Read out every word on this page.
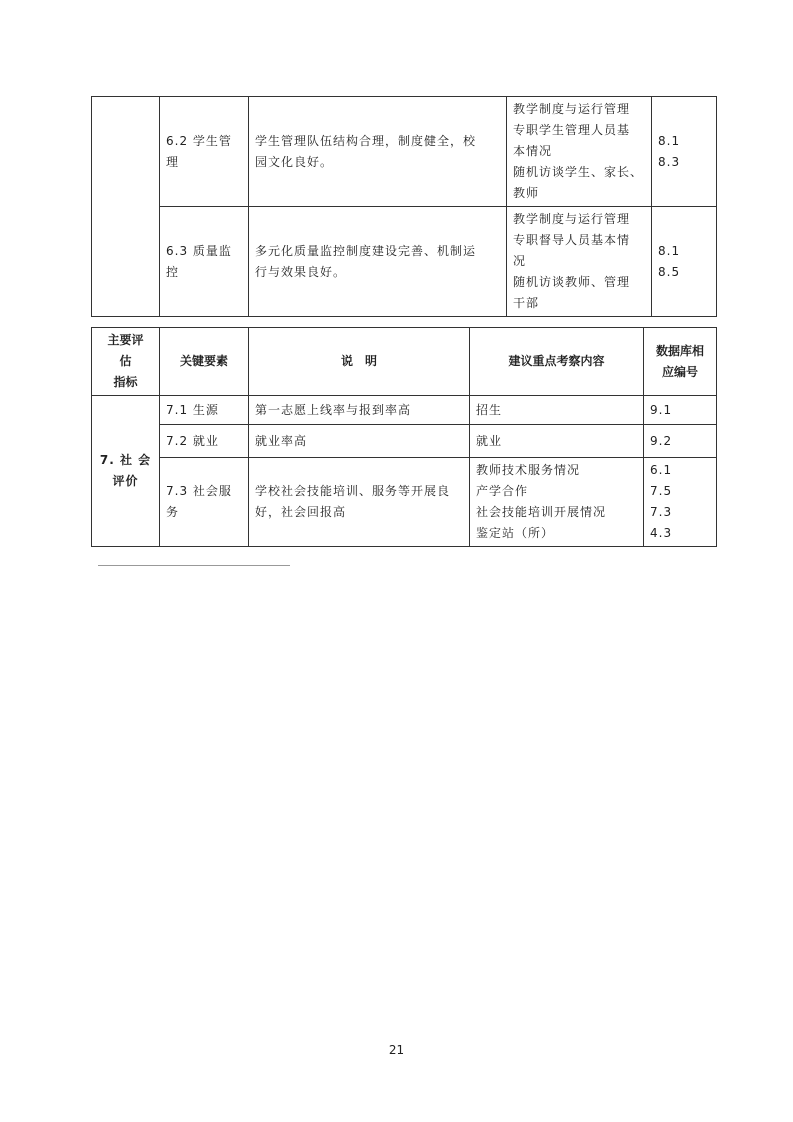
	6.2 学生管
理	学生管理队伍结构合理，制度健全，校
园文化良好。	教学制度与运行管理
专职学生管理人员基
本情况
随机访谈学生、家长、
教师	8.1
8.3

	6.3 质量监
控	多元化质量监控制度建设完善、机制运
行与效果良好。	教学制度与运行管理
专职督导人员基本情
况
随机访谈教师、管理
干部	8.1
8.5
主要评
估
指标	关键要素	说　明	建议重点考察内容	数据库相
应编号

7. 社 会
评价	7.1 生源	第一志愿上线率与报到率高	招生	9.1

	7.2 就业	就业率高	就业	9.2

	7.3 社会服
务	学校社会技能培训、服务等开展良
好，社会回报高	教师技术服务情况
产学合作
社会技能培训开展情况
鉴定站（所）	6.1
7.5
7.3
4.3
21
